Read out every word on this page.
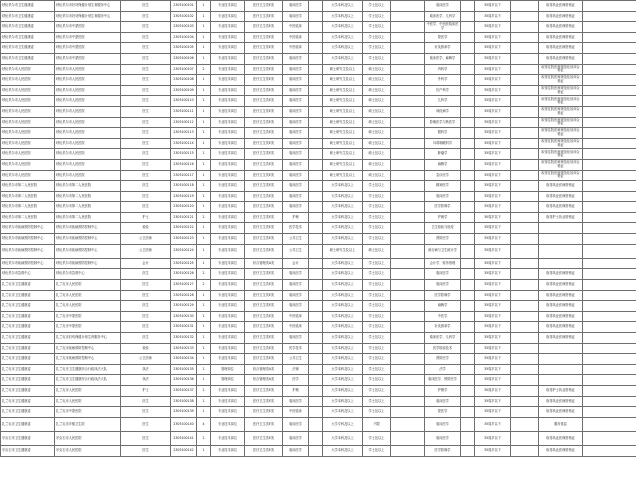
呼伦贝尔市卫生健康委	呼伦贝尔市妇幼保健计划生育服务中心	医生	2305100101	1	专业技术岗位	医疗卫生类E类	临床医学		大学本科及以上	学士及以上		临床医学		35周岁以下		取得执业医师资格证	
呼伦贝尔市卫生健康委	呼伦贝尔市妇幼保健计划生育服务中心	医生	2305100102	1	专业技术岗位	医疗卫生类E类	临床医学		大学本科及以上	学士及以上		临床医学、儿科学		35周岁以下		取得执业医师资格证	
呼伦贝尔市卫生健康委	呼伦贝尔市中蒙医院	医生	2305100103	1	专业技术岗位	医疗卫生类E类	中医临床		大学本科及以上	学士及以上		中医学、中西医临床医学		35周岁以下		取得执业医师资格证	
呼伦贝尔市卫生健康委	呼伦贝尔市中蒙医院	医生	2305100104	1	专业技术岗位	医疗卫生类E类	中医临床		大学本科及以上	学士及以上		蒙医学		35周岁以下		取得执业医师资格证	
呼伦贝尔市卫生健康委	呼伦贝尔市中蒙医院	医生	2305100105	1	专业技术岗位	医疗卫生类E类	中医临床		大学本科及以上	学士及以上		针灸推拿学		35周岁以下		取得执业医师资格证	
呼伦贝尔市卫生健康委	呼伦贝尔市中蒙医院	医生	2305100106	1	专业技术岗位	医疗卫生类E类	临床医学		大学本科及以上	学士及以上		临床医学、麻醉学		35周岁以下		取得执业医师资格证	
呼伦贝尔市人民医院	呼伦贝尔市人民医院	医生	2305100107	2	专业技术岗位	医疗卫生类E类	临床医学		硕士研究生及以上	硕士及以上		内科学		35周岁以下		取得住院医师规范化培训合格证	
呼伦贝尔市人民医院	呼伦贝尔市人民医院	医生	2305100108	1	专业技术岗位	医疗卫生类E类	临床医学		硕士研究生及以上	硕士及以上		外科学		35周岁以下		取得住院医师规范化培训合格证	
呼伦贝尔市人民医院	呼伦贝尔市人民医院	医生	2305100109	1	专业技术岗位	医疗卫生类E类	临床医学		硕士研究生及以上	硕士及以上		妇产科学		35周岁以下		取得住院医师规范化培训合格证	
呼伦贝尔市人民医院	呼伦贝尔市人民医院	医生	2305100110	1	专业技术岗位	医疗卫生类E类	临床医学		硕士研究生及以上	硕士及以上		儿科学		35周岁以下		取得住院医师规范化培训合格证	
呼伦贝尔市人民医院	呼伦贝尔市人民医院	医生	2305100111	1	专业技术岗位	医疗卫生类E类	临床医学		硕士研究生及以上	硕士及以上		神经病学		35周岁以下		取得住院医师规范化培训合格证	
呼伦贝尔市人民医院	呼伦贝尔市人民医院	医生	2305100112	1	专业技术岗位	医疗卫生类E类	临床医学		硕士研究生及以上	硕士及以上		影像医学与核医学		35周岁以下		取得住院医师规范化培训合格证	
呼伦贝尔市人民医院	呼伦贝尔市人民医院	医生	2305100113	1	专业技术岗位	医疗卫生类E类	临床医学		硕士研究生及以上	硕士及以上		眼科学		35周岁以下		取得住院医师规范化培训合格证	
呼伦贝尔市人民医院	呼伦贝尔市人民医院	医生	2305100114	1	专业技术岗位	医疗卫生类E类	临床医学		硕士研究生及以上	硕士及以上		耳鼻咽喉科学		35周岁以下		取得住院医师规范化培训合格证	
呼伦贝尔市人民医院	呼伦贝尔市人民医院	医生	2305100115	1	专业技术岗位	医疗卫生类E类	临床医学		硕士研究生及以上	硕士及以上		肿瘤学		35周岁以下		取得住院医师规范化培训合格证	
呼伦贝尔市人民医院	呼伦贝尔市人民医院	医生	2305100116	1	专业技术岗位	医疗卫生类E类	临床医学		硕士研究生及以上	硕士及以上		麻醉学		35周岁以下		取得住院医师规范化培训合格证	
呼伦贝尔市人民医院	呼伦贝尔市人民医院	医生	2305100117	1	专业技术岗位	医疗卫生类E类	临床医学		硕士研究生及以上	硕士及以上		急诊医学		35周岁以下		取得住院医师规范化培训合格证	
呼伦贝尔市第二人民医院	呼伦贝尔市第二人民医院	医生	2305100118	1	专业技术岗位	医疗卫生类E类	临床医学		大学本科及以上	学士及以上		精神医学		35周岁以下		取得执业医师资格证	
呼伦贝尔市第二人民医院	呼伦贝尔市第二人民医院	医生	2305100119	1	专业技术岗位	医疗卫生类E类	临床医学		大学本科及以上	学士及以上		临床医学		35周岁以下		取得执业医师资格证	
呼伦贝尔市第二人民医院	呼伦贝尔市第二人民医院	医生	2305100120	1	专业技术岗位	医疗卫生类E类	临床医学		大学本科及以上	学士及以上		医学影像学		35周岁以下		取得执业医师资格证	
呼伦贝尔市第二人民医院	呼伦贝尔市第二人民医院	护士	2305100121	2	专业技术岗位	医疗卫生类E类	护理		大学本科及以上	学士及以上		护理学		30周岁以下		取得护士执业资格证	
呼伦贝尔市疾病预防控制中心	呼伦贝尔市疾病预防控制中心	检验	2305100122	1	专业技术岗位	医疗卫生类E类	医学技术		大学本科及以上	学士及以上		卫生检验与检疫		35周岁以下			
呼伦贝尔市疾病预防控制中心	呼伦贝尔市疾病预防控制中心	公卫医师	2305100123	1	专业技术岗位	医疗卫生类E类	公共卫生		大学本科及以上	学士及以上		预防医学		35周岁以下			
呼伦贝尔市疾病预防控制中心	呼伦贝尔市疾病预防控制中心	公卫医师	2305100124	1	专业技术岗位	医疗卫生类E类	公共卫生		硕士研究生及以上	硕士及以上		流行病与卫生统计学		35周岁以下			
呼伦贝尔市疾病预防控制中心	呼伦贝尔市疾病预防控制中心	会计	2305100125	1	专业技术岗位	综合管理类A类	会计		大学本科及以上	学士及以上		会计学、财务管理		35周岁以下			
呼伦贝尔市急救中心	呼伦贝尔市急救中心	医生	2305100126	2	专业技术岗位	医疗卫生类E类	临床医学		大学本科及以上	学士及以上		临床医学		35周岁以下		取得执业医师资格证	
扎兰屯市卫生健康委	扎兰屯市人民医院	医生	2305100127	2	专业技术岗位	医疗卫生类E类	临床医学		大学本科及以上	学士及以上		临床医学		35周岁以下		取得执业医师资格证	
扎兰屯市卫生健康委	扎兰屯市人民医院	医生	2305100128	1	专业技术岗位	医疗卫生类E类	临床医学		大学本科及以上	学士及以上		医学影像学		35周岁以下		取得执业医师资格证	
扎兰屯市卫生健康委	扎兰屯市人民医院	医生	2305100129	1	专业技术岗位	医疗卫生类E类	临床医学		大学本科及以上	学士及以上		麻醉学		35周岁以下		取得执业医师资格证	
扎兰屯市卫生健康委	扎兰屯市中蒙医院	医生	2305100130	1	专业技术岗位	医疗卫生类E类	中医临床		大学本科及以上	学士及以上		中医学		35周岁以下		取得执业医师资格证	
扎兰屯市卫生健康委	扎兰屯市中蒙医院	医生	2305100131	1	专业技术岗位	医疗卫生类E类	中医临床		大学本科及以上	学士及以上		针灸推拿学		35周岁以下		取得执业医师资格证	
扎兰屯市卫生健康委	扎兰屯市妇幼保健计划生育服务中心	医生	2305100132	1	专业技术岗位	医疗卫生类E类	临床医学		大学本科及以上	学士及以上		临床医学、儿科学		35周岁以下		取得执业医师资格证	
扎兰屯市卫生健康委	扎兰屯市疾病预防控制中心	检验	2305100133	1	专业技术岗位	医疗卫生类E类	医学技术		大学本科及以上	学士及以上		医学检验技术		35周岁以下			
扎兰屯市卫生健康委	扎兰屯市疾病预防控制中心	公卫医师	2305100134	1	专业技术岗位	医疗卫生类E类	公共卫生		大学本科及以上	学士及以上		预防医学		35周岁以下			
扎兰屯市卫生健康委	扎兰屯市卫生健康综合行政执法大队	执法	2305100135	1	管理岗位	综合管理类A类	法律		大学本科及以上	学士及以上		法学		35周岁以下			
扎兰屯市卫生健康委	扎兰屯市卫生健康综合行政执法大队	执法	2305100136	1	管理岗位	综合管理类A类	医学		大学本科及以上	学士及以上		临床医学、预防医学		35周岁以下			
扎兰屯市卫生健康委	扎兰屯市人民医院	护士	2305100137	2	专业技术岗位	医疗卫生类E类	护理		大学本科及以上	学士及以上		护理学		30周岁以下		取得护士执业资格证	
扎兰屯市卫生健康委	扎兰屯市人民医院	医生	2305100138	1	专业技术岗位	医疗卫生类E类	临床医学		大学本科及以上	学士及以上		临床医学		35周岁以下		取得执业医师资格证	
扎兰屯市卫生健康委	扎兰屯市中蒙医院	医生	2305100139	1	专业技术岗位	医疗卫生类E类	中医临床		大学本科及以上	学士及以上		蒙医学		35周岁以下		取得执业医师资格证	
扎兰屯市卫生健康委	扎兰屯市乡镇卫生院	医生	2305100140	4	专业技术岗位	医疗卫生类E类	临床医学		大学专科及以上	不限		临床医学		35周岁以下		服务基层	
牙克石市卫生健康委	牙克石市人民医院	医生	2305100141	2	专业技术岗位	医疗卫生类E类	临床医学		大学本科及以上	学士及以上		临床医学		35周岁以下		取得执业医师资格证	
牙克石市卫生健康委	牙克石市人民医院	医生	2305100142	1	专业技术岗位	医疗卫生类E类	临床医学		大学本科及以上	学士及以上		医学影像学		35周岁以下		取得执业医师资格证	
